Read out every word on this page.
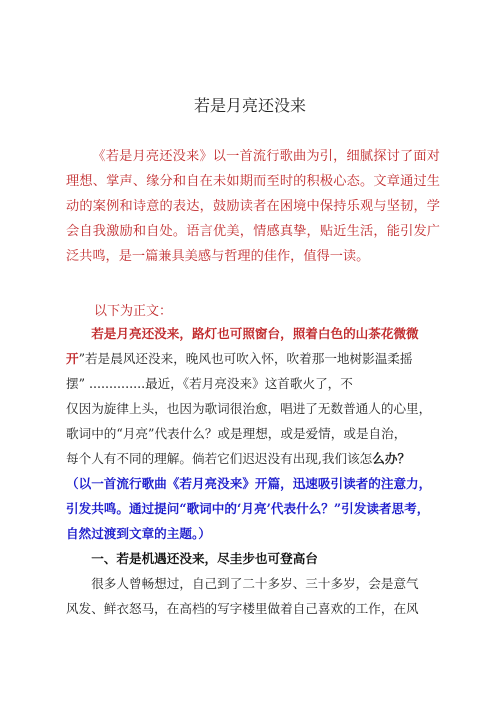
若是月亮还没来
《若是月亮还没来》以一首流行歌曲为引，细腻探讨了面对理想、掌声、缘分和自在未如期而至时的积极心态。文章通过生动的案例和诗意的表达，鼓励读者在困境中保持乐观与坚韧，学会自我激励和自处。语言优美，情感真挚，贴近生活，能引发广泛共鸣，是一篇兼具美感与哲理的佳作，值得一读。
以下为正文：

若是月亮还没来，路灯也可照窗台，照着白色的山茶花微微开”若是晨风还没来，晚风也可吹入怀，吹着那一地树影温柔摇

摆” ..............最近，《若月亮没来》这首歌火了，不

仅因为旋律上头，也因为歌词很治愈，唱进了无数普通人的心里，

歌词中的“月亮”代表什么？或是理想，或是爱情，或是自治，

每个人有不同的理解。倘若它们迟迟没有出现,我们该怎么办？

（以一首流行歌曲《若月亮没来》开篇，迅速吸引读者的注意力，引发共鸣。通过提问“歌词中的‘月亮’代表什么？”引发读者思考，自然过渡到文章的主题。）

一、若是机遇还没来，尽圭步也可登高台

很多人曾畅想过，自己到了二十多岁、三十多岁，会是意气

风发、鲜衣怒马，在高档的写字楼里做着自己喜欢的工作，在风
